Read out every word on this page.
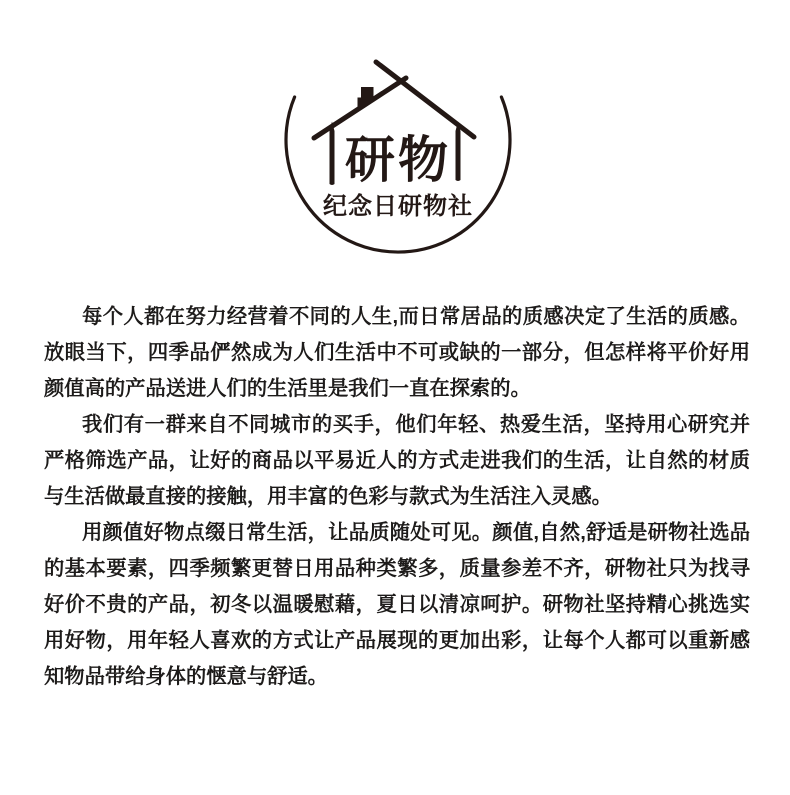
研物
纪念日研物社

每个人都在努力经营着不同的人生,而日常居品的质感决定了生活的质感。放眼当下，四季品俨然成为人们生活中不可或缺的一部分，但怎样将平价好用颜值高的产品送进人们的生活里是我们一直在探索的。

我们有一群来自不同城市的买手，他们年轻、热爱生活，坚持用心研究并严格筛选产品，让好的商品以平易近人的方式走进我们的生活，让自然的材质与生活做最直接的接触，用丰富的色彩与款式为生活注入灵感。

用颜值好物点缀日常生活，让品质随处可见。颜值,自然,舒适是研物社选品的基本要素，四季频繁更替日用品种类繁多，质量参差不齐，研物社只为找寻好价不贵的产品，初冬以温暖慰藉，夏日以清凉呵护。研物社坚持精心挑选实用好物，用年轻人喜欢的方式让产品展现的更加出彩，让每个人都可以重新感知物品带给身体的惬意与舒适。
